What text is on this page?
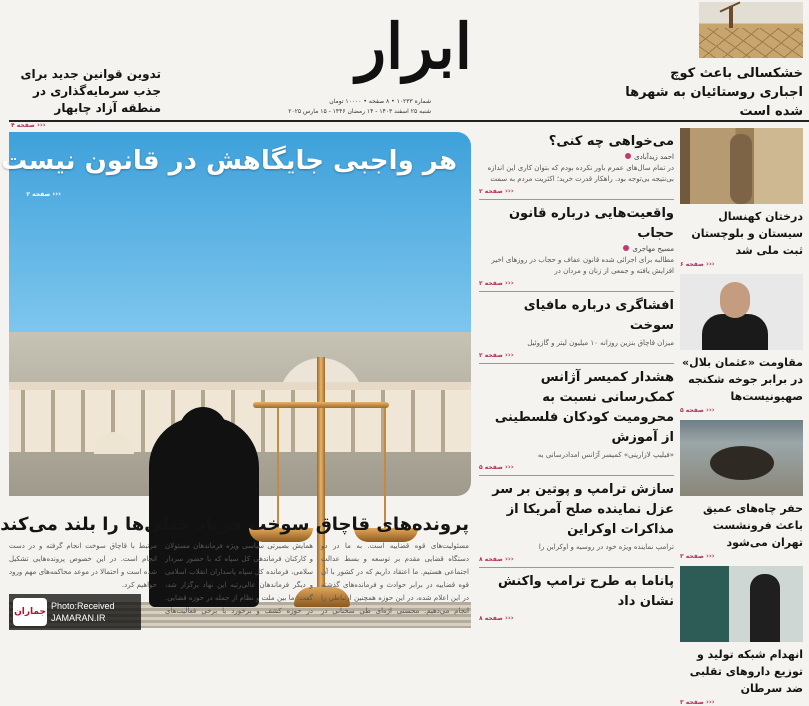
ابرار
شماره ۱۰۲۳۳ • ۸ صفحه • ۱۰۰۰۰ تومان
شنبه ۲۵ اسفند ۱۴۰۳ - ۱۴ رمضان ۱۴۴۶ - ۱۵ مارس ۲۰۲۵
خشکسالی باعث کوچ اجباری روستائیان به شهرها شده است
تدوین قوانین جدید برای جذب سرمایه‌گذاری در منطقه آزاد چابهار
‹‹‹ صفحه ۴
هر واجبی جایگاهش در قانون نیست
‹‹‹ صفحه ۲
پرونده‌های قاچاق سوخت فریاد خیلی‌ها را بلند می‌کند
مسئولیت‌های قوه قضاییه است. به ما در دو دستگاه قضایی مقدم بر توسعه و بسط عدالت اجتماعی هستیم. ما اعتقاد داریم که در کشور با آن قوه قضاییه در برابر حوادث و فرمانده‌های گذشته در این اعلام شده، در این حوزه همچنین ارتباطی را انجام می‌دهیم. محسنی اژه‌ای طی سخنانی در همایش بصیرتی سیاسی ویژه فرماندهان مسئولان و کارکنان فرماندهی کل سپاه که با حضور سردار سلامی، فرمانده کل سپاه پاسداران انقلاب اسلامی و دیگر فرماندهان عالی‌رتبه این نهاد برگزار شد، گفت: ما بین ملت و نظام از جمله در حوزه قضایی. در حوزه کشف و برخورد با برخی فعالیت‌های مرتبط با قاچاق سوخت انجام گرفته و در دست انجام است. در این خصوص پرونده‌هایی تشکیل شده است و احتمالا در موعد محاکمه‌های مهم ورود خواهیم کرد.
جماران
Photo:Received
JAMARAN.IR
می‌خواهی چه کنی؟
احمد زیدآبادی
در تمام سال‌های عمرم باور نکرده بودم که بتوان کاری این اندازه بی‌نتیجه بی‌توجه بود. راهکار قدرت خرید؛ اکثریت مردم به سمت
‹‹‹ صفحه ۲
واقعیت‌هایی درباره قانون حجاب
مسیح مهاجری
مطالبه برای اجرائی شده قانون عفاف و حجاب در روزهای اخیر افزایش یافته و جمعی از زنان و مردان در
‹‹‹ صفحه ۲
افشاگری درباره مافیای سوخت
میزان قاچاق بنزین روزانه ۱۰ میلیون لیتر و گازوئیل
‹‹‹ صفحه ۲
هشدار کمیسر آژانس کمک‌رسانی نسبت به محرومیت کودکان فلسطینی از آموزش
«فیلیپ لازارینی» کمیسر آژانس امدادرسانی به
‹‹‹ صفحه ۵
سازش ترامپ و پوتین بر سر عزل نماینده صلح آمریکا از مذاکرات اوکراین
ترامپ نماینده ویژه خود در روسیه و اوکراین را
‹‹‹ صفحه ۸
پاناما به طرح ترامپ واکنش نشان داد
‹‹‹ صفحه ۸
درختان کهنسال سیستان و بلوچستان ثبت ملی شد
‹‹‹ صفحه ۶
مقاومت «عثمان بلال» در برابر جوخه شکنجه صهیونیست‌ها
‹‹‹ صفحه ۵
حفر چاه‌های عمیق باعث فرونشست تهران می‌شود
‹‹‹ صفحه ۳
انهدام شبکه تولید و توزیع داروهای تقلبی ضد سرطان
‹‹‹ صفحه ۳
